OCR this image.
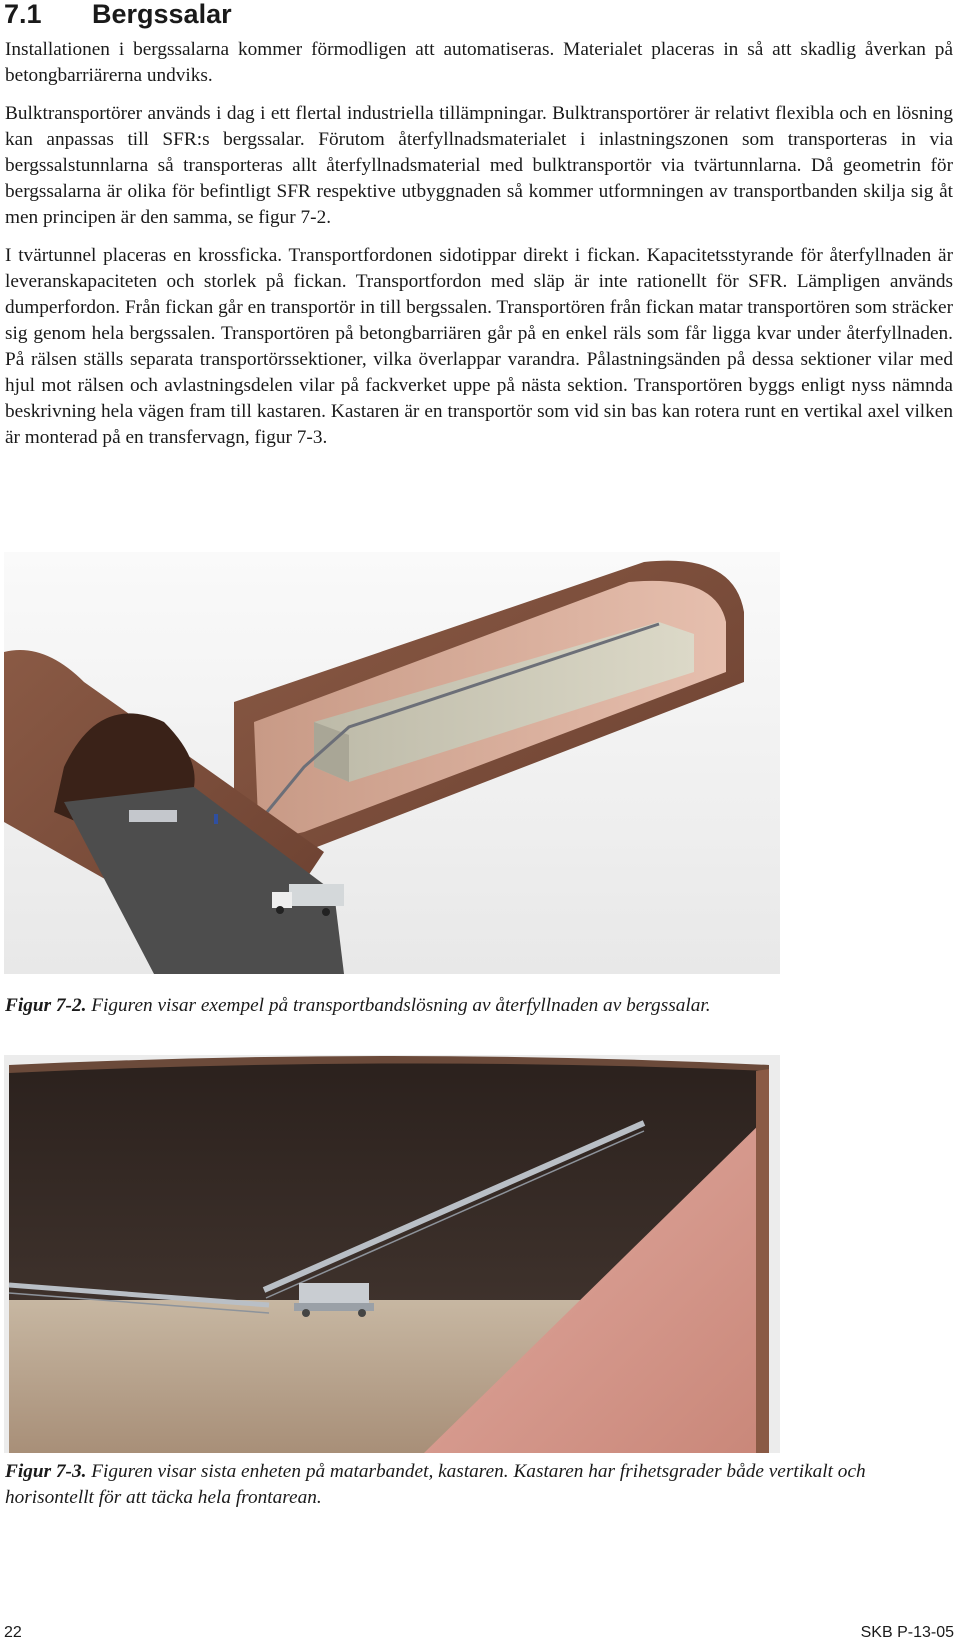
7.1 Bergssalar

Installationen i bergssalarna kommer förmodligen att automatiseras. Materialet placeras in så att skadlig åverkan på betongbarriärerna undviks.

Bulktransportörer används i dag i ett flertal industriella tillämpningar. Bulktransportörer är relativt flexibla och en lösning kan anpassas till SFR:s bergssalar. Förutom återfyllnadsmaterialet i inlastningszonen som transporteras in via bergssalstunnlarna så transporteras allt återfyllnadsmaterial med bulktransportör via tvärtunnlarna. Då geometrin för bergssalarna är olika för befintligt SFR respektive utbyggnaden så kommer utformningen av transportbanden skilja sig åt men principen är den samma, se figur 7-2.

I tvärtunnel placeras en krossficka. Transportfordonen sidotippar direkt i fickan. Kapacitetsstyrande för återfyllnaden är leveranskapaciteten och storlek på fickan. Transportfordon med släp är inte rationellt för SFR. Lämpligen används dumperfordon. Från fickan går en transportör in till bergssalen. Transportören från fickan matar transportören som sträcker sig genom hela bergssalen. Transportören på betongbarriären går på en enkel räls som får ligga kvar under återfyllnaden. På rälsen ställs separata transportörssektioner, vilka överlappar varandra. Pålastningsänden på dessa sektioner vilar med hjul mot rälsen och avlastningsdelen vilar på fackverket uppe på nästa sektion. Transportören byggs enligt nyss nämnda beskrivning hela vägen fram till kastaren. Kastaren är en transportör som vid sin bas kan rotera runt en vertikal axel vilken är monterad på en transfervagn, figur 7-3.

Figur 7-2. Figuren visar exempel på transportbandslösning av återfyllnaden av bergssalar.
Figur 7-3. Figuren visar sista enheten på matarbandet, kastaren. Kastaren har frihetsgrader både vertikalt och horisontellt för att täcka hela frontarean.
22	SKB P-13-05
